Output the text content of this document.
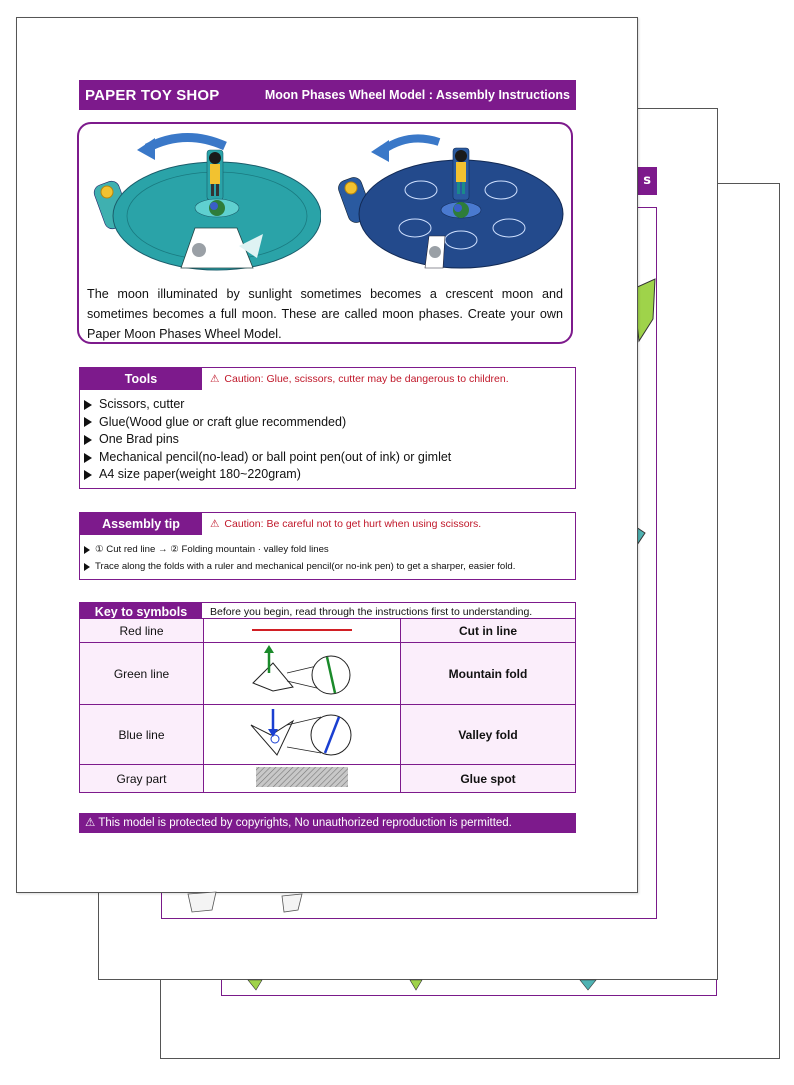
s
PAPER TOY SHOP	Moon Phases Wheel Model : Assembly Instructions

The moon illuminated by sunlight sometimes becomes a crescent moon and sometimes becomes a full moon. These are called moon phases. Create your own Paper Moon Phases Wheel Model.

Tools	⚠ Caution: Glue, scissors, cutter may be dangerous to children.
Scissors, cutter
Glue(Wood glue or craft glue recommended)
One Brad pins
Mechanical pencil(no-lead) or ball point pen(out of ink) or gimlet
A4 size paper(weight 180~220gram)
Assembly tip	⚠ Caution: Be careful not to get hurt when using scissors.
① Cut red line → ② Folding mountain · valley fold lines
Trace along the folds with a ruler and mechanical pencil(or no-ink pen) to get a sharper, easier fold.
Key to symbols	Before you begin, read through the instructions first to understanding.
Red line		Cut in line
Green line		Mountain fold
Blue line		Valley fold
Gray part		Glue spot
⚠ This model is protected by copyrights, No unauthorized reproduction is permitted.
